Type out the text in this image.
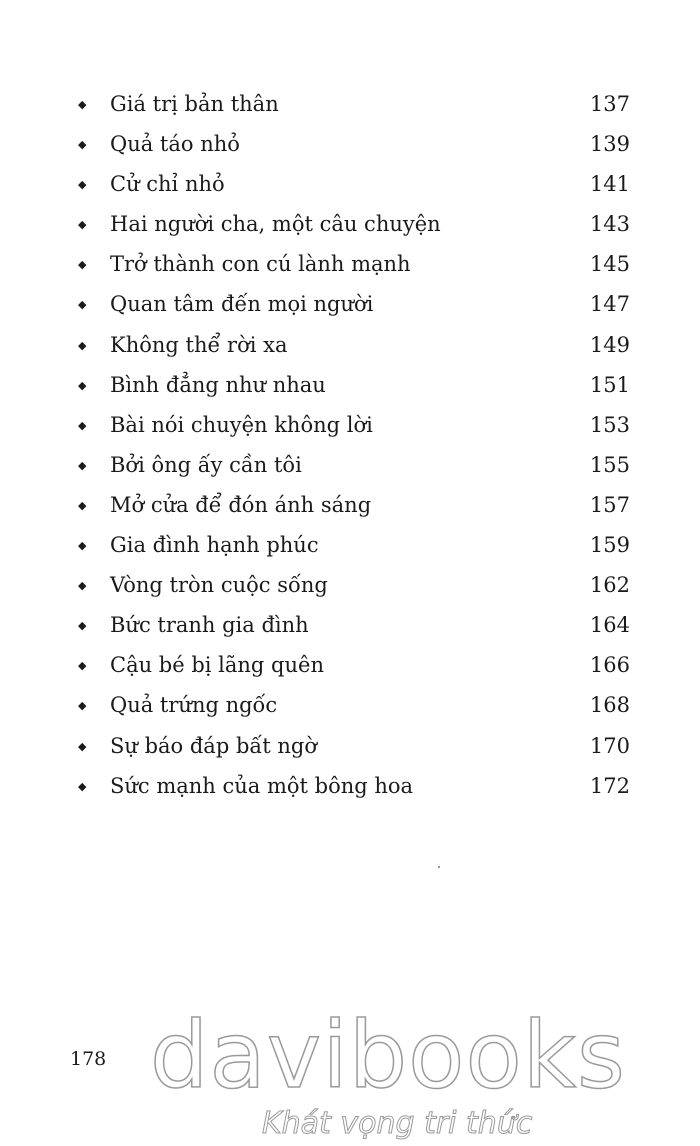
◆	Giá trị bản thân	137
◆	Quả táo nhỏ	139
◆	Cử chỉ nhỏ	141
◆	Hai người cha, một câu chuyện	143
◆	Trở thành con cú lành mạnh	145
◆	Quan tâm đến mọi người	147
◆	Không thể rời xa	149
◆	Bình đẳng như nhau	151
◆	Bài nói chuyện không lời	153
◆	Bởi ông ấy cần tôi	155
◆	Mở cửa để đón ánh sáng	157
◆	Gia đình hạnh phúc	159
◆	Vòng tròn cuộc sống	162
◆	Bức tranh gia đình	164
◆	Cậu bé bị lãng quên	166
◆	Quả trứng ngốc	168
◆	Sự báo đáp bất ngờ	170
◆	Sức mạnh của một bông hoa	172
178 davibooks
Khát vọng tri thức
